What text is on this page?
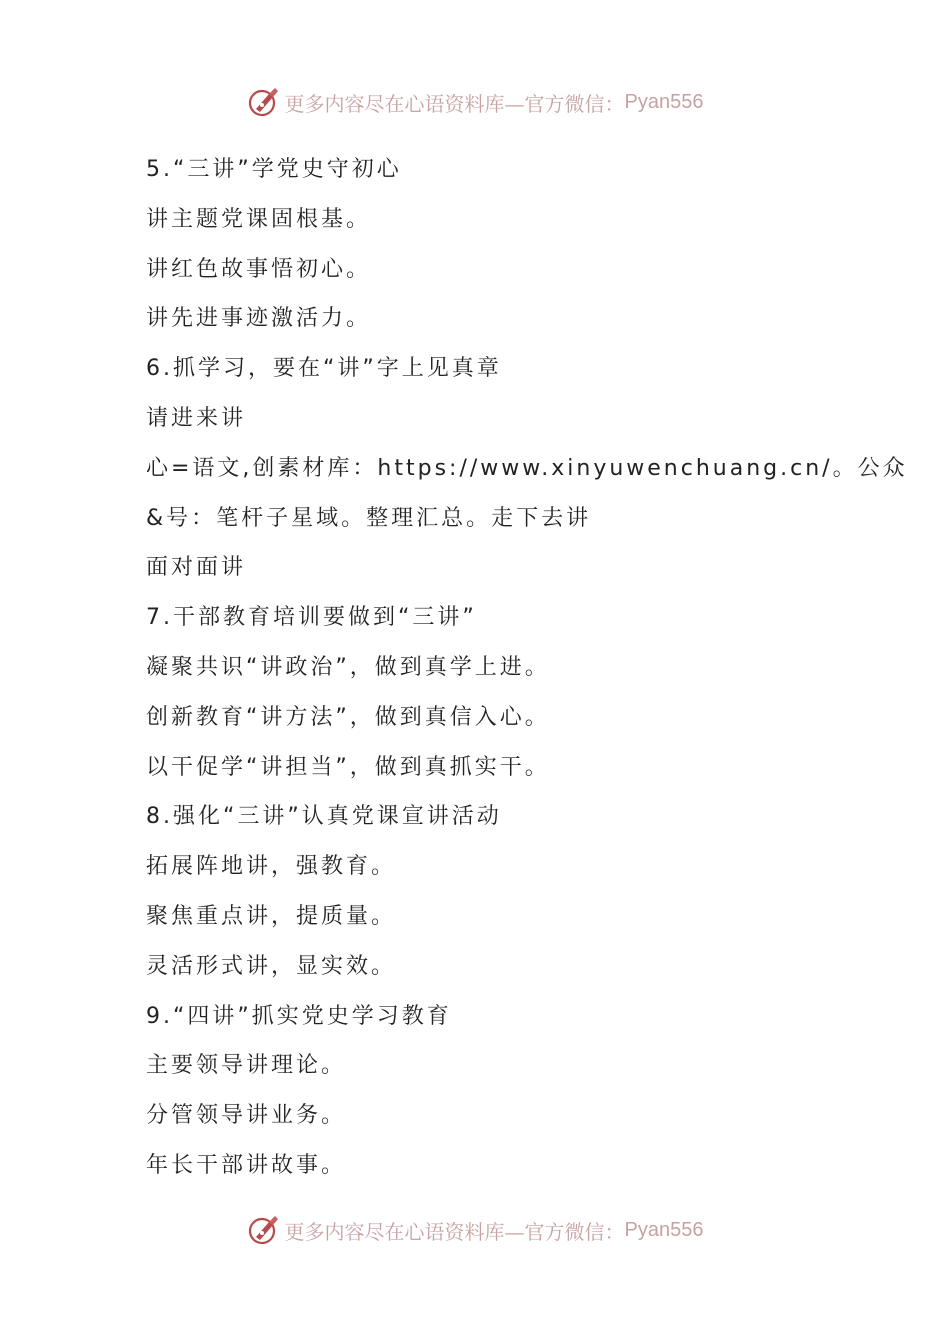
更多内容尽在心语资料库—官方微信： Pyan556
5.“三讲”学党史守初心
讲主题党课固根基。
讲红色故事悟初心。
讲先进事迹激活力。
6.抓学习，要在“讲”字上见真章
请进来讲
心=语文,创素材库：https://www.xinyuwenchuang.cn/。公众
&号：笔杆子星域。整理汇总。走下去讲
面对面讲
7.干部教育培训要做到“三讲”
凝聚共识“讲政治”，做到真学上进。
创新教育“讲方法”，做到真信入心。
以干促学“讲担当”，做到真抓实干。
8.强化“三讲”认真党课宣讲活动
拓展阵地讲，强教育。
聚焦重点讲，提质量。
灵活形式讲，显实效。
9.“四讲”抓实党史学习教育
主要领导讲理论。
分管领导讲业务。
年长干部讲故事。
更多内容尽在心语资料库—官方微信： Pyan556
